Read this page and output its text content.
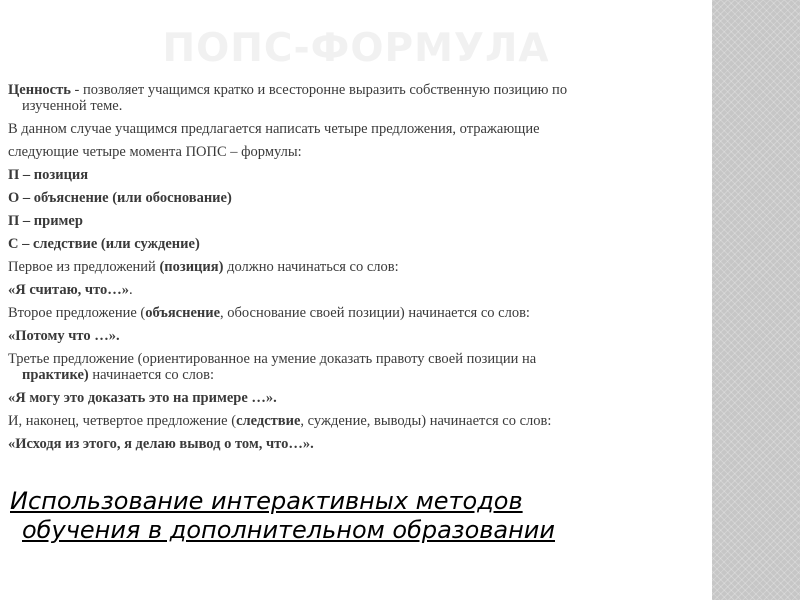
ПОПС-ФОРМУЛА
Ценность - позволяет учащимся кратко и всесторонне выразить собственную позицию по
изученной теме.
В данном случае учащимся предлагается написать четыре предложения, отражающие
следующие четыре момента ПОПС – формулы:
П – позиция
О – объяснение (или обоснование)
П – пример
С – следствие (или суждение)
Первое из предложений (позиция) должно начинаться со слов:
«Я считаю, что…».
Второе предложение (объяснение, обоснование своей позиции) начинается со слов:
«Потому что …».
Третье предложение (ориентированное на умение доказать правоту своей позиции на
практике) начинается со слов:
«Я могу это доказать это на примере …».
И, наконец, четвертое предложение (следствие, суждение, выводы) начинается со слов:
«Исходя из этого, я делаю вывод о том, что…».
Использование интерактивных методов
обучения в дополнительном образовании
